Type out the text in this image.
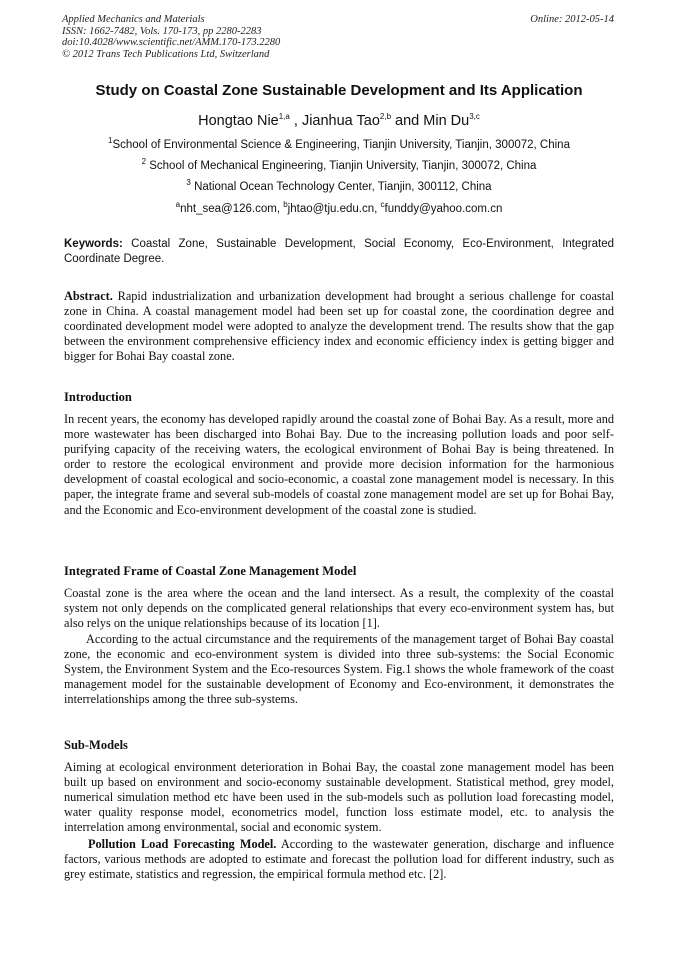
Applied Mechanics and Materials
ISSN: 1662-7482, Vols. 170-173, pp 2280-2283
doi:10.4028/www.scientific.net/AMM.170-173.2280
© 2012 Trans Tech Publications Ltd, Switzerland
Online: 2012-05-14
Study on Coastal Zone Sustainable Development and Its Application
Hongtao Nie$^{1,a}$ , Jianhua Tao$^{2,b}$ and Min Du$^{3,c}$
$^1$School of Environmental Science & Engineering, Tianjin University, Tianjin, 300072, China
$^2$ School of Mechanical Engineering, Tianjin University, Tianjin, 300072, China
$^3$ National Ocean Technology Center, Tianjin, 300112, China
$^a$nht_sea@126.com, $^b$jhtao@tju.edu.cn, $^c$funddy@yahoo.com.cn
Keywords: Coastal Zone, Sustainable Development, Social Economy, Eco-Environment, Integrated Coordinate Degree.
Abstract. Rapid industrialization and urbanization development had brought a serious challenge for coastal zone in China. A coastal management model had been set up for coastal zone, the coordination degree and coordinated development model were adopted to analyze the development trend. The results show that the gap between the environment comprehensive efficiency index and economic efficiency index is getting bigger and bigger for Bohai Bay coastal zone.
Introduction
In recent years, the economy has developed rapidly around the coastal zone of Bohai Bay. As a result, more and more wastewater has been discharged into Bohai Bay. Due to the increasing pollution loads and poor self-purifying capacity of the receiving waters, the ecological environment of Bohai Bay is being threatened. In order to restore the ecological environment and provide more decision information for the harmonious development of coastal ecological and socio-economic, a coastal zone management model is necessary. In this paper, the integrate frame and several sub-models of coastal zone management model are set up for Bohai Bay, and the Economic and Eco-environment development of the coastal zone is studied.
Integrated Frame of Coastal Zone Management Model
Coastal zone is the area where the ocean and the land intersect. As a result, the complexity of the coastal system not only depends on the complicated general relationships that every eco-environment system has, but also relys on the unique relationships because of its location [1].
According to the actual circumstance and the requirements of the management target of Bohai Bay coastal zone, the economic and eco-environment system is divided into three sub-systems: the Social Economic System, the Environment System and the Eco-resources System. Fig.1 shows the whole framework of the coast management model for the sustainable development of Economy and Eco-environment, it demonstrates the interrelationships among the three sub-systems.
Sub-Models
Aiming at ecological environment deterioration in Bohai Bay, the coastal zone management model has been built up based on environment and socio-economy sustainable development. Statistical method, grey model, numerical simulation method etc have been used in the sub-models such as pollution load forecasting model, water quality response model, econometrics model, function loss estimate model, etc. to analysis the interrelation among environmental, social and economic system.
Pollution Load Forecasting Model. According to the wastewater generation, discharge and influence factors, various methods are adopted to estimate and forecast the pollution load for different industry, such as grey estimate, statistics and regression, the empirical formula method etc. [2].
